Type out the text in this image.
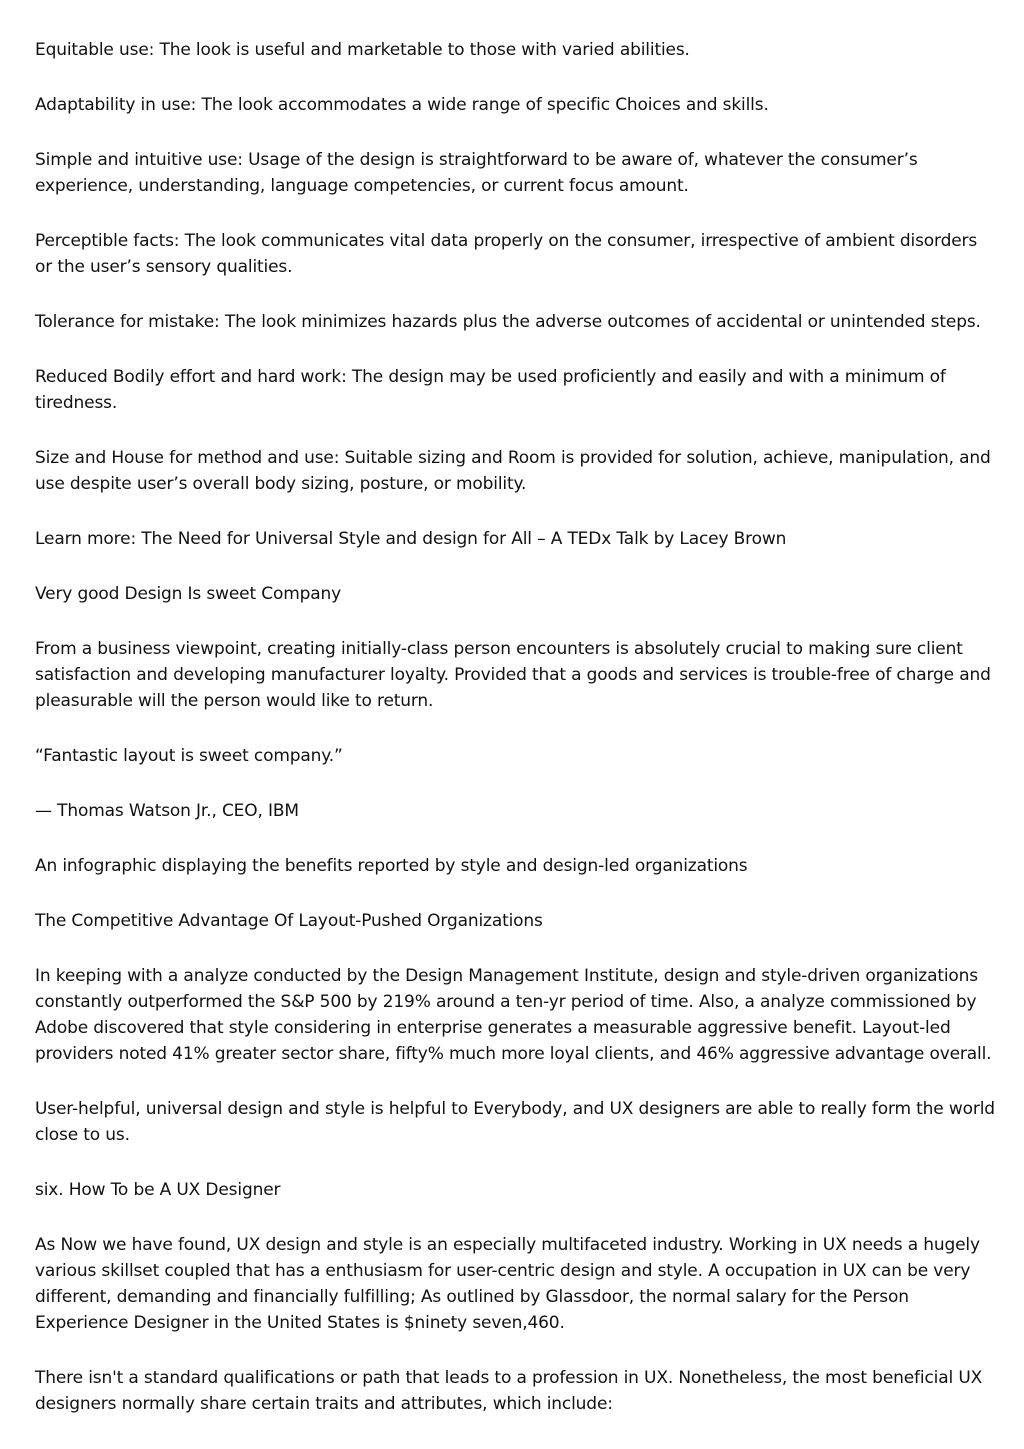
Equitable use: The look is useful and marketable to those with varied abilities.

Adaptability in use: The look accommodates a wide range of specific Choices and skills.

Simple and intuitive use: Usage of the design is straightforward to be aware of, whatever the consumer’s experience, understanding, language competencies, or current focus amount.

Perceptible facts: The look communicates vital data properly on the consumer, irrespective of ambient disorders or the user’s sensory qualities.

Tolerance for mistake: The look minimizes hazards plus the adverse outcomes of accidental or unintended steps.

Reduced Bodily effort and hard work: The design may be used proficiently and easily and with a minimum of tiredness.

Size and House for method and use: Suitable sizing and Room is provided for solution, achieve, manipulation, and use despite user’s overall body sizing, posture, or mobility.

Learn more: The Need for Universal Style and design for All – A TEDx Talk by Lacey Brown

Very good Design Is sweet Company

From a business viewpoint, creating initially-class person encounters is absolutely crucial to making sure client satisfaction and developing manufacturer loyalty. Provided that a goods and services is trouble-free of charge and pleasurable will the person would like to return.

“Fantastic layout is sweet company.”

— Thomas Watson Jr., CEO, IBM

An infographic displaying the benefits reported by style and design-led organizations

The Competitive Advantage Of Layout-Pushed Organizations

In keeping with a analyze conducted by the Design Management Institute, design and style-driven organizations constantly outperformed the S&P 500 by 219% around a ten-yr period of time. Also, a analyze commissioned by Adobe discovered that style considering in enterprise generates a measurable aggressive benefit. Layout-led providers noted 41% greater sector share, fifty% much more loyal clients, and 46% aggressive advantage overall.

User-helpful, universal design and style is helpful to Everybody, and UX designers are able to really form the world close to us.

six. How To be A UX Designer

As Now we have found, UX design and style is an especially multifaceted industry. Working in UX needs a hugely various skillset coupled that has a enthusiasm for user-centric design and style. A occupation in UX can be very different, demanding and financially fulfilling; As outlined by Glassdoor, the normal salary for the Person Experience Designer in the United States is $ninety seven,460.

There isn't a standard qualifications or path that leads to a profession in UX. Nonetheless, the most beneficial UX designers normally share certain traits and attributes, which include:
